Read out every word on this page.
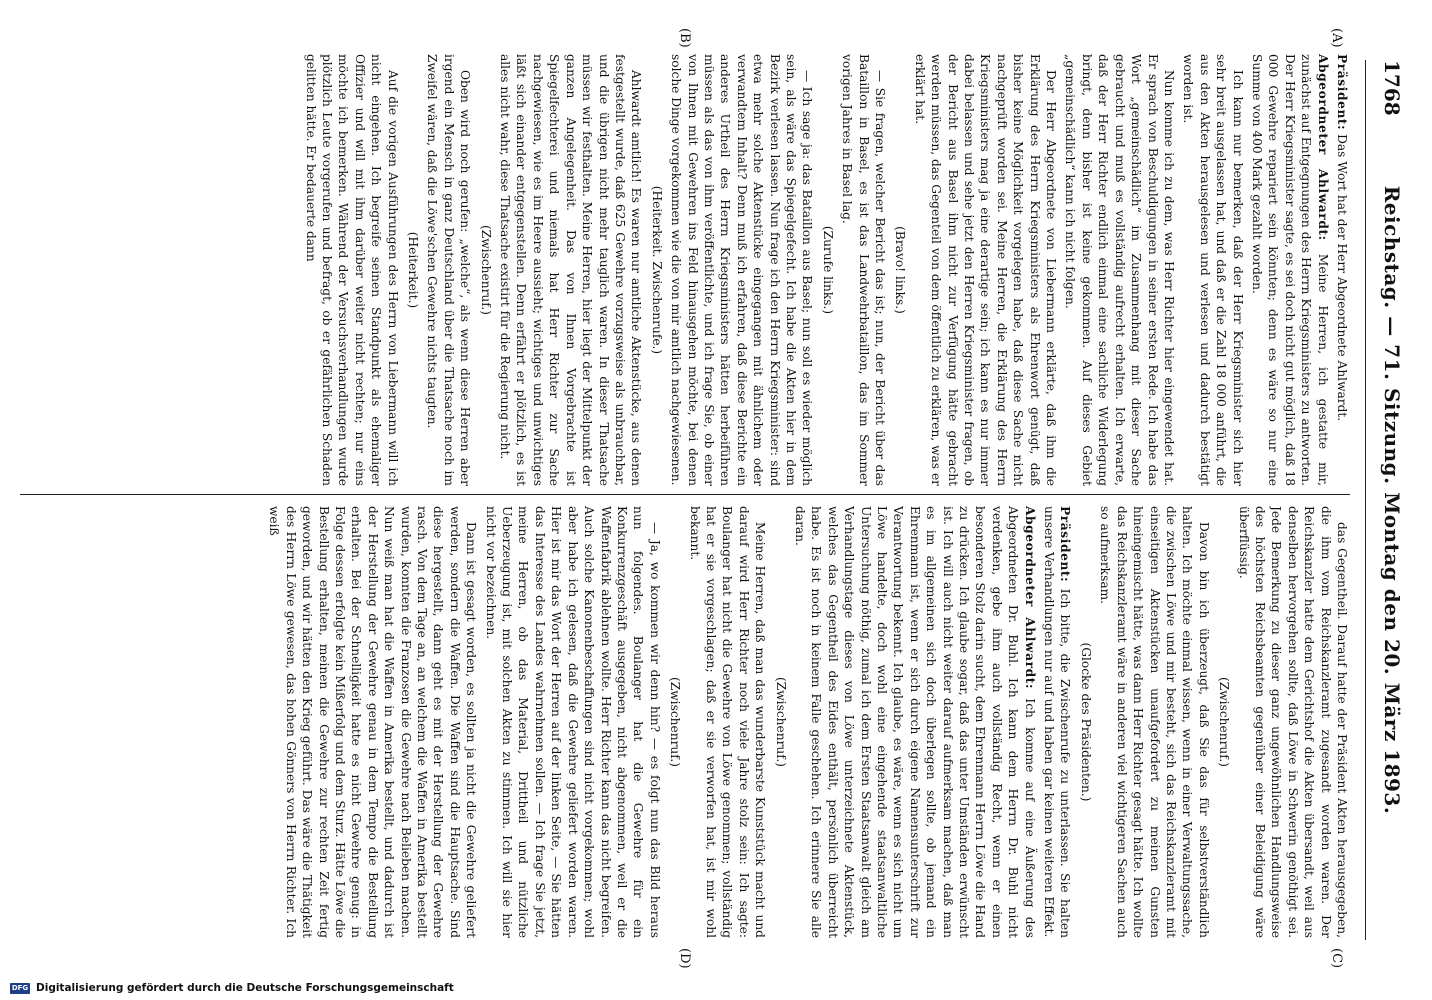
1768
Reichstag. — 71. Sitzung. Montag den 20. März 1893.
(A)
(B)
(C)
(D)

Präsident: Das Wort hat der Herr Abgeordnete Ahlwardt.

Abgeordneter Ahlwardt: Meine Herren, ich gestatte mir, zunächst auf Entgegnungen des Herrn Kriegsministers zu antworten. Der Herr Kriegsminister sagte, es sei doch nicht gut möglich, daß 18 000 Gewehre repariert sein könnten; denn es wäre so nur eine Summe von 400 Mark gezahlt worden.

Ich kann nur bemerken, daß der Herr Kriegsminister sich hier sehr breit ausgelassen hat, und daß er die Zahl 18 000 anführt, die aus den Akten herausgelesen und verlesen und dadurch bestätigt worden ist.

Nun komme ich zu dem, was Herr Richter hier eingewendet hat. Er sprach von Beschuldigungen in seiner ersten Rede. Ich habe das Wort „gemeinschädlich“ im Zusammenhang mit dieser Sache gebraucht und muß es vollständig aufrecht erhalten. Ich erwarte, daß der Herr Richter endlich einmal eine sachliche Widerlegung bringt, denn bisher ist keine gekommen. Auf dieses Gebiet „gemeinschädlich“ kann ich nicht folgen.

Der Herr Abgeordnete von Liebermann erklärte, daß ihm die Erklärung des Herrn Kriegsministers als Ehrenwort genügt, daß bisher keine Möglichkeit vorgelegen habe, daß diese Sache nicht nachgeprüft worden sei. Meine Herren, die Erklärung des Herrn Kriegsministers mag ja eine derartige sein; ich kann es nur immer dabei belassen und sehe jetzt den Herren Kriegsminister fragen, ob der Bericht aus Basel ihm nicht zur Verfügung hätte gebracht werden müssen, das Gegenteil von dem öffentlich zu erklären, was er erklärt hat.

(Bravo! links.)

— Sie fragen, welcher Bericht das ist; nun, der Bericht über das Bataillon in Basel, es ist das Landwehrbataillon, das im Sommer vorigen Jahres in Basel lag.

(Zurufe links.)

— Ich sage ja: das Bataillon aus Basel; nun soll es wieder möglich sein, als wäre das Spiegelgefecht. Ich habe die Akten hier in dem Bezirk verlesen lassen. Nun frage ich den Herrn Kriegsminister: sind etwa mehr solche Aktenstücke eingegangen mit ähnlichem oder verwandtem Inhalt? Denn muß ich erfahren, daß diese Berichte ein anderes Urtheil des Herrn Kriegsministers hätten herbeiführen müssen als das von ihm veröffentlichte, und ich frage Sie, ob einer von Ihnen mit Gewehren ins Feld hinausgehen möchte, bei denen solche Dinge vorgekommen wie die von mir amtlich nachgewiesenen.

(Heiterkeit. Zwischenrufe.)

Ahlwardt amtlich! Es waren nur amtliche Aktenstücke, aus denen festgestellt wurde, daß 625 Gewehre vorzugsweise als unbrauchbar, und die übrigen nicht mehr tauglich waren. In dieser Thatsache müssen wir festhalten. Meine Herren, hier liegt der Mittelpunkt der ganzen Angelegenheit. Das von Ihnen Vorgebrachte ist Spiegelfechterei und niemals hat Herr Richter zur Sache nachgewiesen, wie es im Heere aussieht; wichtiges und unwichtiges läßt sich einander entgegenstellen. Denn erfährt er plötzlich, es ist alles nicht wahr, diese Thatsache existirt für die Regierung nicht.

(Zwischenruf.)

Oben wird noch gerufen: „welche“, als wenn diese Herren aber irgend ein Mensch in ganz Deutschland über die Thatsache noch im Zweifel wären, daß die Löwe'schen Gewehre nichts taugten.

(Heiterkeit.)

Auf die vorigen Ausführungen des Herrn von Liebermann will ich nicht eingehen. Ich begreife seinen Standpunkt als ehemaliger Offizier und will mit ihm darüber weiter nicht rechten; nur eins möchte ich bemerken. Während der Versuchsverhandlungen wurde plötzlich Leute vorgerufen und befragt, ob er gefährlichen Schaden gelitten hätte. Er bedauerte dann

das Gegentheil. Darauf hatte der Präsident Akten herausgegeben, die ihm vom Reichskanzleramt zugesandt worden waren. Der Reichskanzler hatte dem Gerichtshof die Akten übersandt, weil aus denselben hervorgehen sollte, daß Löwe in Schwerin genöthigt sei. Jede Bemerkung zu dieser ganz ungewöhnlichen Handlungsweise des höchsten Reichsbeamten gegenüber einer Beleidigung wäre überflüssig.

(Zwischenruf.)

Davon bin ich überzeugt, daß Sie das für selbstverständlich halten. Ich möchte einmal wissen, wenn in einer Verwaltungssache, die zwischen Löwe und mir besteht, sich das Reichskanzleramt mit einseitigen Aktenstücken unaufgefordert zu meinen Gunsten hineingemischt hätte, was dann Herr Richter gesagt hätte. Ich wollte das Reichskanzleramt wäre in anderen viel wichtigeren Sachen auch so aufmerksam.

(Glocke des Präsidenten.)

Präsident: Ich bitte, die Zwischenrufe zu unterlassen. Sie halten unsere Verhandlungen nur auf und haben gar keinen weiteren Effekt.

Abgeordneter Ahlwardt: Ich komme auf eine Äußerung des Abgeordneten Dr. Buhl. Ich kann dem Herrn Dr. Buhl nicht verdenken, gebe ihm auch vollständig Recht, wenn er einen besonderen Stolz darin sucht, dem Ehrenmann Herrn Löwe die Hand zu drücken. Ich glaube sogar, daß das unter Umständen erwünscht ist. Ich will auch nicht weiter darauf aufmerksam machen, daß man es im allgemeinen sich doch überlegen sollte, ob jemand ein Ehrenmann ist, wenn er sich durch eigene Namensunterschrift zur Verantwortung bekennt. Ich glaube, es wäre, wenn es sich nicht um Löwe handelte, doch wohl eine eingehende staatsanwaltliche Untersuchung nöthig, zumal ich dem Ersten Staatsanwalt gleich am Verhandlungstage dieses von Löwe unterzeichnete Aktenstück, welches das Gegentheil des Eides enthält, persönlich überreicht habe. Es ist noch in keinem Falle geschehen. Ich erinnere Sie alle daran.

(Zwischenruf.)

Meine Herren, daß man das wunderbarste Kunststück macht und darauf wird Herr Richter noch viele Jahre stolz sein: Ich sagte: Boulanger hat nicht die Gewehre von Löwe genommen; vollständig hat er sie vorgeschlagen; daß er sie verworfen hat, ist mir wohl bekannt.

(Zwischenruf.)

— Ja, wo kommen wir denn hin? — es folgt nun das Bild heraus nun folgendes. Boulanger hat die Gewehre für ein Konkurrenzgeschäft ausgegeben, nicht abgenommen, weil er die Waffenfabrik ablehnen wollte. Herr Richter kann das nicht begreifen. Auch solche Kanonenbeschaffungen sind nicht vorgekommen; wohl aber habe ich gelesen, daß die Gewehre geliefert worden waren. Hier ist mir das Wort der Herren auf der linken Seite, — Sie hätten das Interesse des Landes wahrnehmen sollen. — Ich frage Sie jetzt, meine Herren, ob das Material, Drittheil und nützliche Ueberzeugung ist, mit solchen Akten zu stimmen. Ich will sie hier nicht vor bezeichnen.

Dann ist gesagt worden, es sollten ja nicht die Gewehre geliefert werden, sondern die Waffen. Die Waffen sind die Hauptsache. Sind diese hergestellt, dann geht es mit der Herstellung der Gewehre rasch. Von dem Tage an, an welchem die Waffen in Amerika bestellt wurden, konnten die Franzosen die Gewehre nach Belieben machen. Nun weiß man hat die Waffen in Amerika bestellt, und dadurch ist der Herstellung der Gewehre genau in dem Tempo die Bestellung erhalten. Bei der Schnelligkeit hatte es nicht Gewehre genug: in Folge dessen erfolgte kein Mißerfolg und dem Sturz. Hätte Löwe die Bestellung erhalten, meinen die Gewehre zur rechten Zeit fertig geworden, und wir hätten den Krieg geführt. Das wäre die Thätigkeit des Herrn Löwe gewesen, das hohen Gönners von Herrn Richter. Ich weiß

DFG Digitalisierung gefördert durch die Deutsche Forschungsgemeinschaft
